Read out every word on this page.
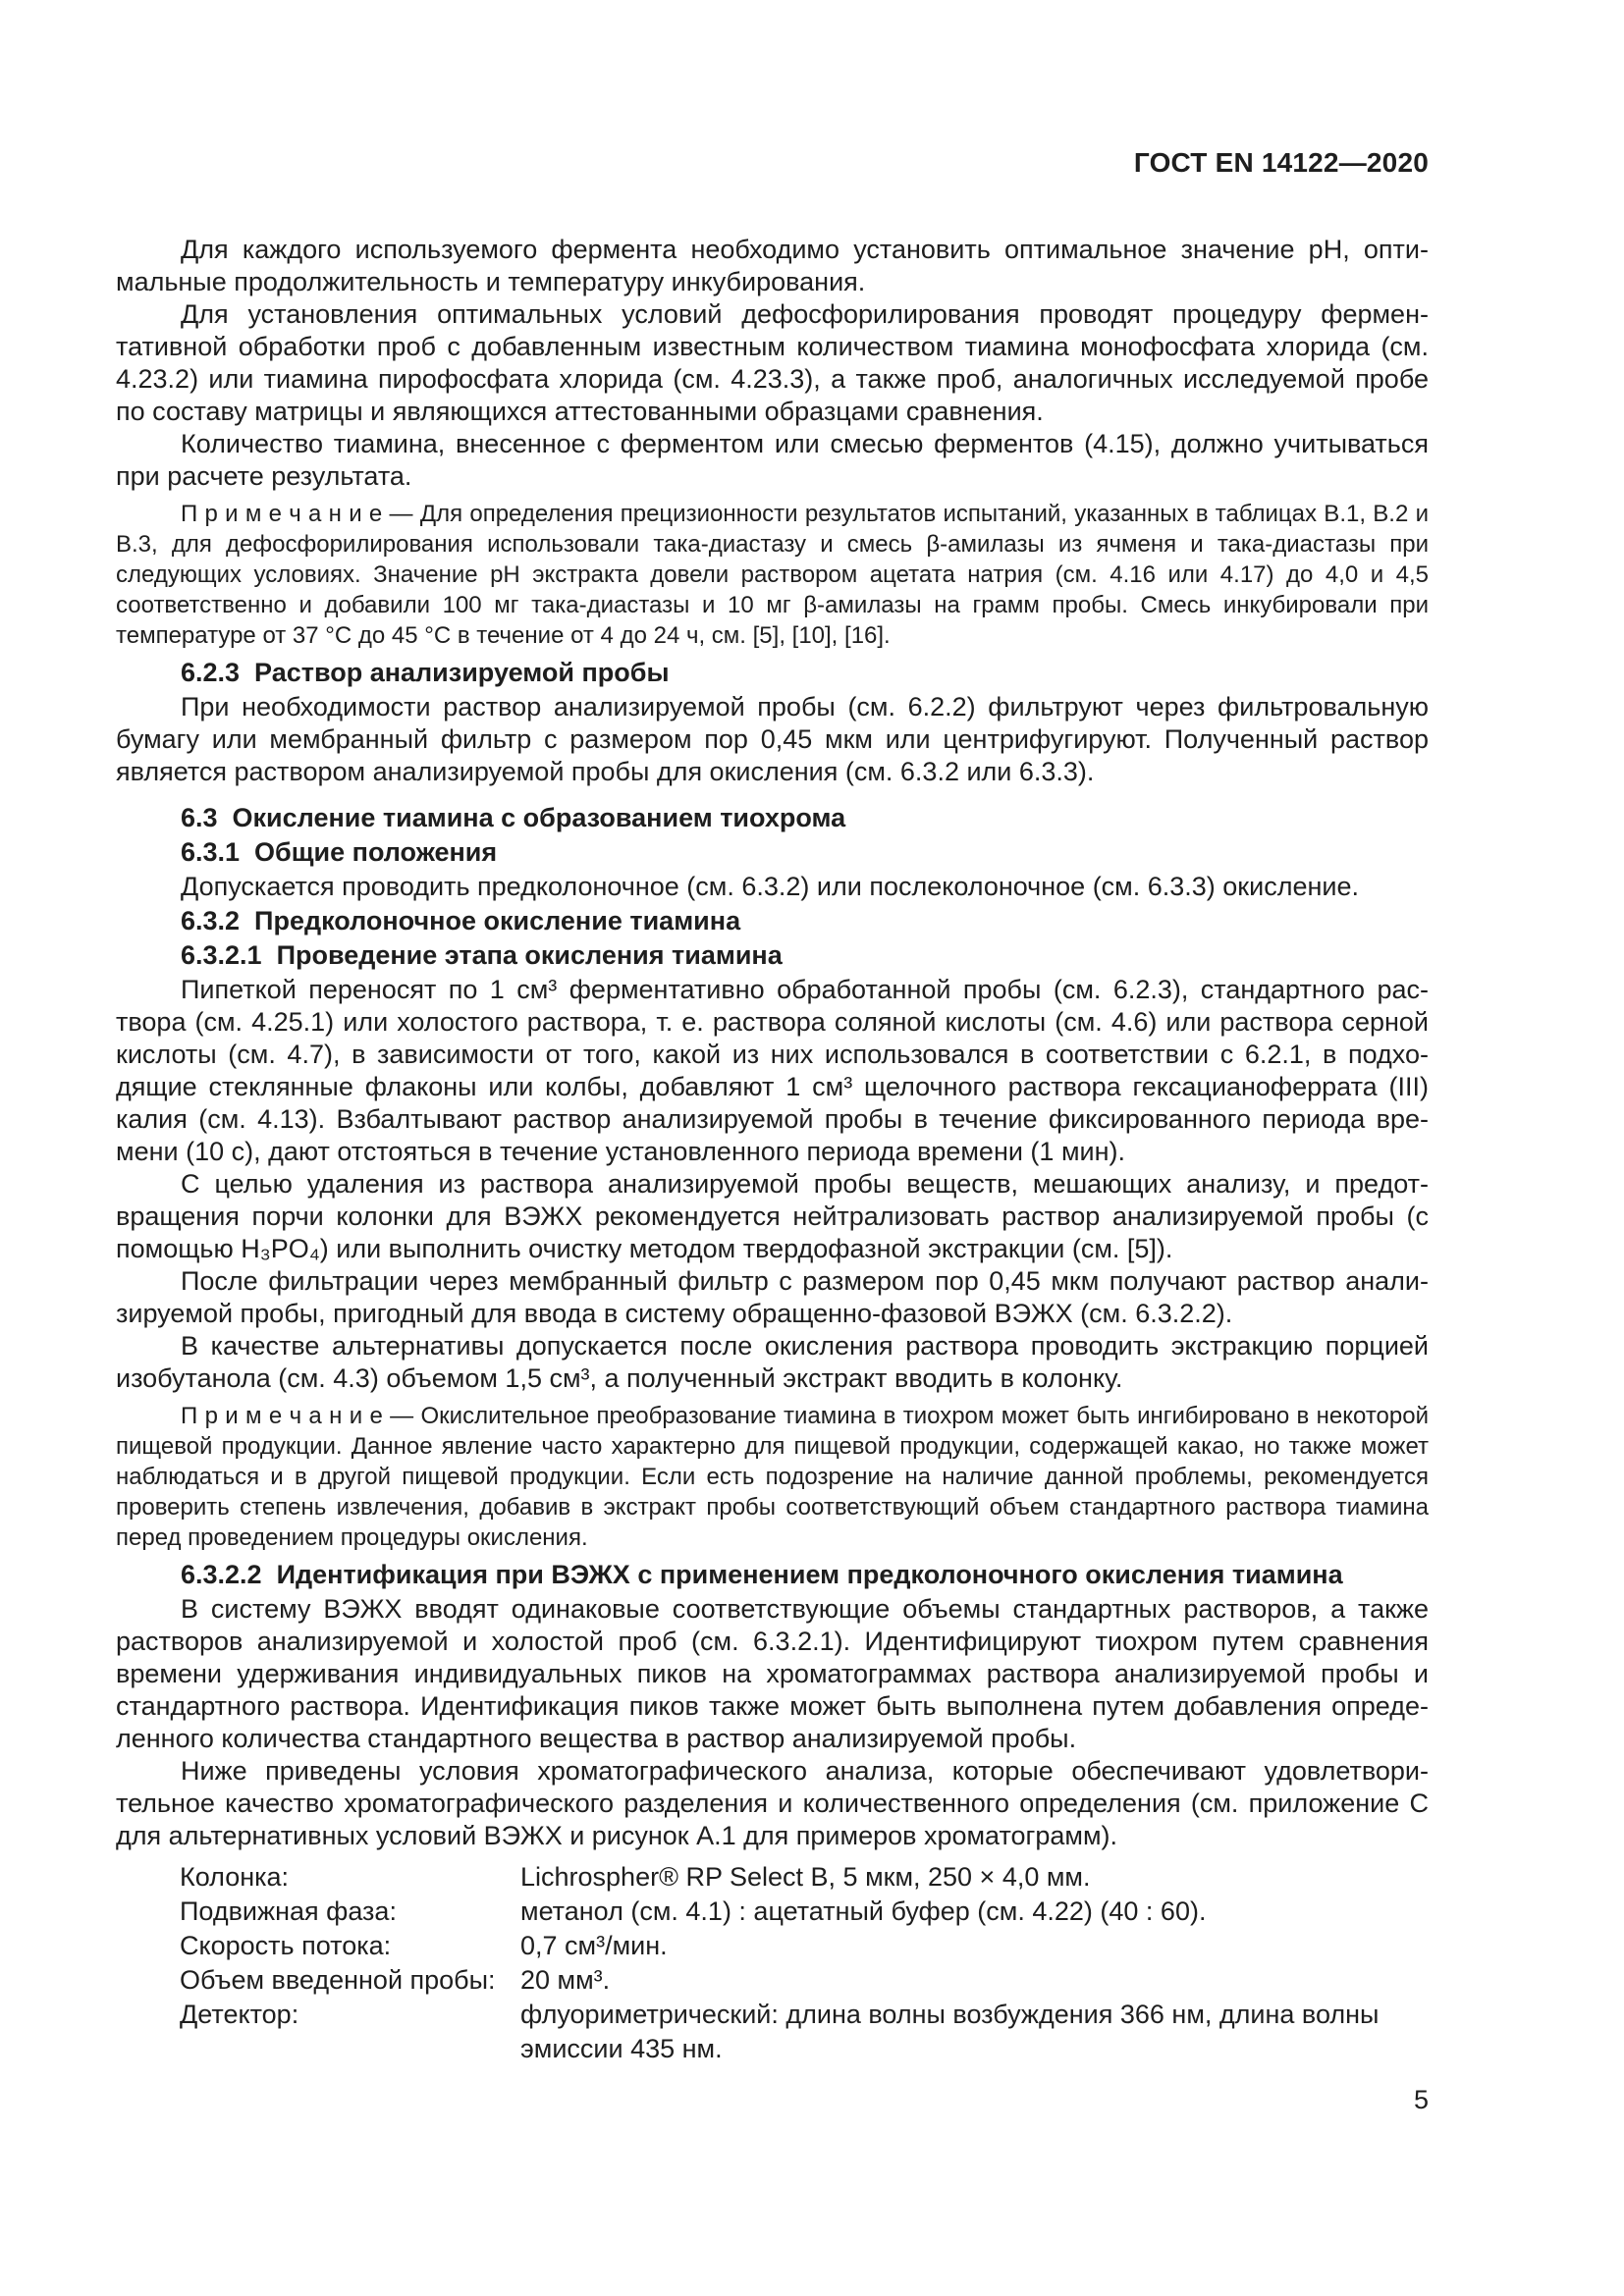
ГОСТ EN 14122—2020

Для каждого используемого фермента необходимо установить оптимальное значение pH, оптимальные продолжительность и температуру инкубирования.

Для установления оптимальных условий дефосфорилирования проводят процедуру ферментативной обработки проб с добавленным известным количеством тиамина монофосфата хлорида (см. 4.23.2) или тиамина пирофосфата хлорида (см. 4.23.3), а также проб, аналогичных исследуемой пробе по составу матрицы и являющихся аттестованными образцами сравнения.

Количество тиамина, внесенное с ферментом или смесью ферментов (4.15), должно учитываться при расчете результата.

П р и м е ч а н и е — Для определения прецизионности результатов испытаний, указанных в таблицах В.1, В.2 и В.3, для дефосфорилирования использовали така-диастазу и смесь β-амилазы из ячменя и така-диастазы при следующих условиях. Значение pH экстракта довели раствором ацетата натрия (см. 4.16 или 4.17) до 4,0 и 4,5 соответственно и добавили 100 мг така-диастазы и 10 мг β-амилазы на грамм пробы. Смесь инкубировали при температуре от 37 °С до 45 °С в течение от 4 до 24 ч, см. [5], [10], [16].

6.2.3  Раствор анализируемой пробы

При необходимости раствор анализируемой пробы (см. 6.2.2) фильтруют через фильтровальную бумагу или мембранный фильтр с размером пор 0,45 мкм или центрифугируют. Полученный раствор является раствором анализируемой пробы для окисления (см. 6.3.2 или 6.3.3).

6.3  Окисление тиамина с образованием тиохрома

6.3.1  Общие положения

Допускается проводить предколоночное (см. 6.3.2) или послеколоночное (см. 6.3.3) окисление.

6.3.2  Предколоночное окисление тиамина

6.3.2.1  Проведение этапа окисления тиамина

Пипеткой переносят по 1 см³ ферментативно обработанной пробы (см. 6.2.3), стандартного раствора (см. 4.25.1) или холостого раствора, т. е. раствора соляной кислоты (см. 4.6) или раствора серной кислоты (см. 4.7), в зависимости от того, какой из них использовался в соответствии с 6.2.1, в подходящие стеклянные флаконы или колбы, добавляют 1 см³ щелочного раствора гексацианоферрата (III) калия (см. 4.13). Взбалтывают раствор анализируемой пробы в течение фиксированного периода времени (10 с), дают отстояться в течение установленного периода времени (1 мин).

С целью удаления из раствора анализируемой пробы веществ, мешающих анализу, и предотвращения порчи колонки для ВЭЖХ рекомендуется нейтрализовать раствор анализируемой пробы (с помощью H₃PO₄) или выполнить очистку методом твердофазной экстракции (см. [5]).

После фильтрации через мембранный фильтр с размером пор 0,45 мкм получают раствор анализируемой пробы, пригодный для ввода в систему обращенно-фазовой ВЭЖХ (см. 6.3.2.2).

В качестве альтернативы допускается после окисления раствора проводить экстракцию порцией изобутанола (см. 4.3) объемом 1,5 см³, а полученный экстракт вводить в колонку.

П р и м е ч а н и е — Окислительное преобразование тиамина в тиохром может быть ингибировано в некоторой пищевой продукции. Данное явление часто характерно для пищевой продукции, содержащей какао, но также может наблюдаться и в другой пищевой продукции. Если есть подозрение на наличие данной проблемы, рекомендуется проверить степень извлечения, добавив в экстракт пробы соответствующий объем стандартного раствора тиамина перед проведением процедуры окисления.

6.3.2.2  Идентификация при ВЭЖХ с применением предколоночного окисления тиамина

В систему ВЭЖХ вводят одинаковые соответствующие объемы стандартных растворов, а также растворов анализируемой и холостой проб (см. 6.3.2.1). Идентифицируют тиохром путем сравнения времени удерживания индивидуальных пиков на хроматограммах раствора анализируемой пробы и стандартного раствора. Идентификация пиков также может быть выполнена путем добавления определенного количества стандартного вещества в раствор анализируемой пробы.

Ниже приведены условия хроматографического анализа, которые обеспечивают удовлетворительное качество хроматографического разделения и количественного определения (см. приложение С для альтернативных условий ВЭЖХ и рисунок А.1 для примеров хроматограмм).

Колонка:	Lichrospher® RP Select B, 5 мкм, 250 × 4,0 мм.
Подвижная фаза:	метанол (см. 4.1) : ацетатный буфер (см. 4.22) (40 : 60).
Скорость потока:	0,7 см³/мин.
Объем введенной пробы: 20 мм³.
Детектор:	флуориметрический: длина волны возбуждения 366 нм, длина волны эмиссии 435 нм.
5
